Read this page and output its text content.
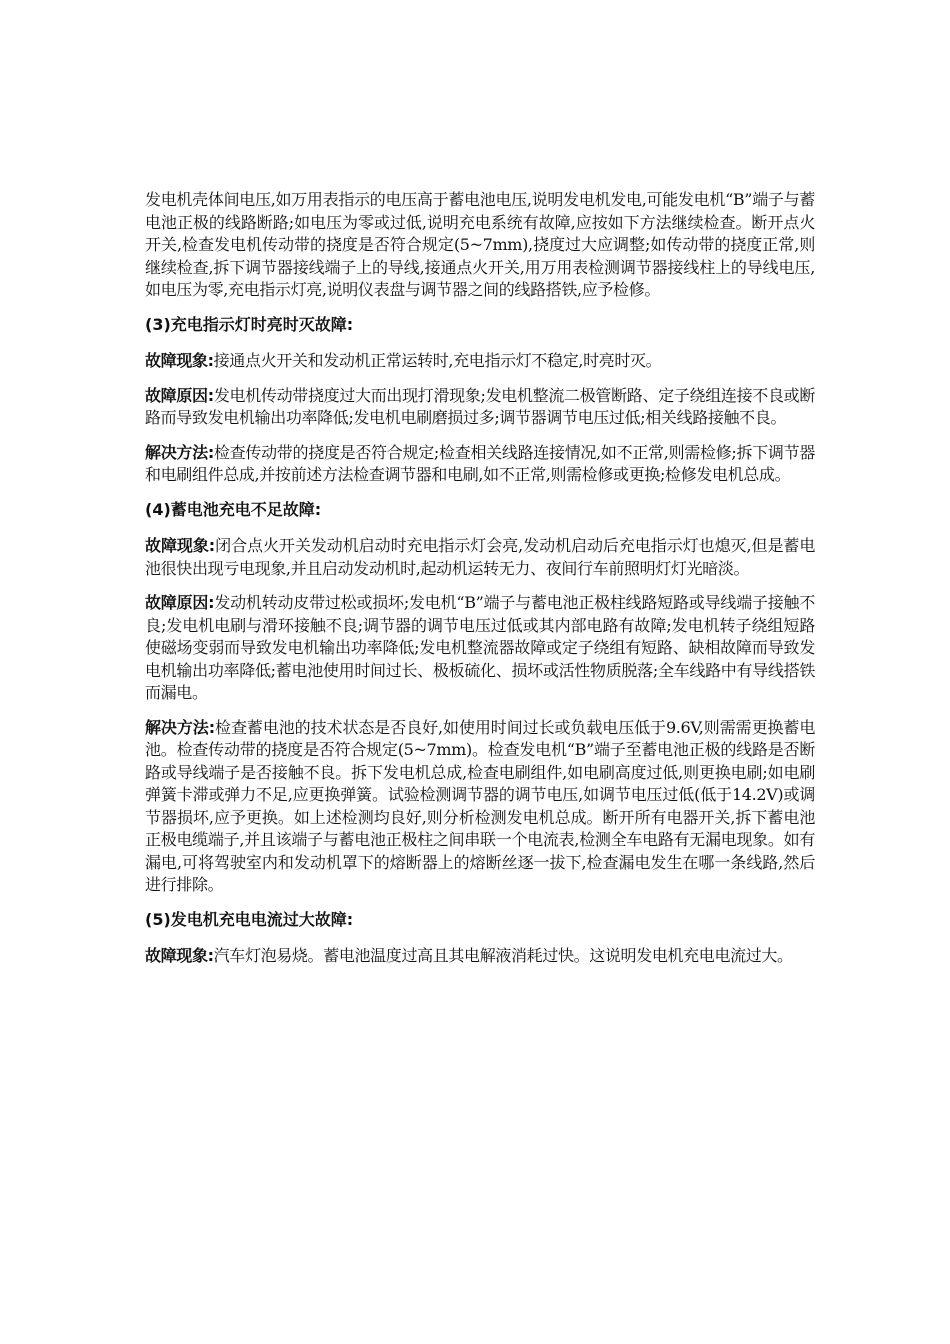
发电机壳体间电压,如万用表指示的电压高于蓄电池电压,说明发电机发电,可能发电机“B”端子与蓄电池正极的线路断路;如电压为零或过低,说明充电系统有故障,应按如下方法继续检查。断开点火开关,检查发电机传动带的挠度是否符合规定(5~7mm),挠度过大应调整;如传动带的挠度正常,则继续检查,拆下调节器接线端子上的导线,接通点火开关,用万用表检测调节器接线柱上的导线电压,如电压为零,充电指示灯亮,说明仪表盘与调节器之间的线路搭铁,应予检修。

(3)充电指示灯时亮时灭故障:

故障现象:接通点火开关和发动机正常运转时,充电指示灯不稳定,时亮时灭。

故障原因:发电机传动带挠度过大而出现打滑现象;发电机整流二极管断路、定子绕组连接不良或断路而导致发电机输出功率降低;发电机电刷磨损过多;调节器调节电压过低;相关线路接触不良。

解决方法:检查传动带的挠度是否符合规定;检查相关线路连接情况,如不正常,则需检修;拆下调节器和电刷组件总成,并按前述方法检查调节器和电刷,如不正常,则需检修或更换;检修发电机总成。

(4)蓄电池充电不足故障:

故障现象:闭合点火开关发动机启动时充电指示灯会亮,发动机启动后充电指示灯也熄灭,但是蓄电池很快出现亏电现象,并且启动发动机时,起动机运转无力、夜间行车前照明灯灯光暗淡。

故障原因:发动机转动皮带过松或损坏;发电机“B”端子与蓄电池正极柱线路短路或导线端子接触不良;发电机电刷与滑环接触不良;调节器的调节电压过低或其内部电路有故障;发电机转子绕组短路使磁场变弱而导致发电机输出功率降低;发电机整流器故障或定子绕组有短路、缺相故障而导致发电机输出功率降低;蓄电池使用时间过长、极板硫化、损坏或活性物质脱落;全车线路中有导线搭铁而漏电。

解决方法:检查蓄电池的技术状态是否良好,如使用时间过长或负载电压低于9.6V,则需需更换蓄电池。检查传动带的挠度是否符合规定(5~7mm)。检查发电机“B”端子至蓄电池正极的线路是否断路或导线端子是否接触不良。拆下发电机总成,检查电刷组件,如电刷高度过低,则更换电刷;如电刷弹簧卡滞或弹力不足,应更换弹簧。试验检测调节器的调节电压,如调节电压过低(低于14.2V)或调节器损坏,应予更换。如上述检测均良好,则分析检测发电机总成。断开所有电器开关,拆下蓄电池正极电缆端子,并且该端子与蓄电池正极柱之间串联一个电流表,检测全车电路有无漏电现象。如有漏电,可将驾驶室内和发动机罩下的熔断器上的熔断丝逐一拔下,检查漏电发生在哪一条线路,然后进行排除。

(5)发电机充电电流过大故障:

故障现象:汽车灯泡易烧。蓄电池温度过高且其电解液消耗过快。这说明发电机充电电流过大。
